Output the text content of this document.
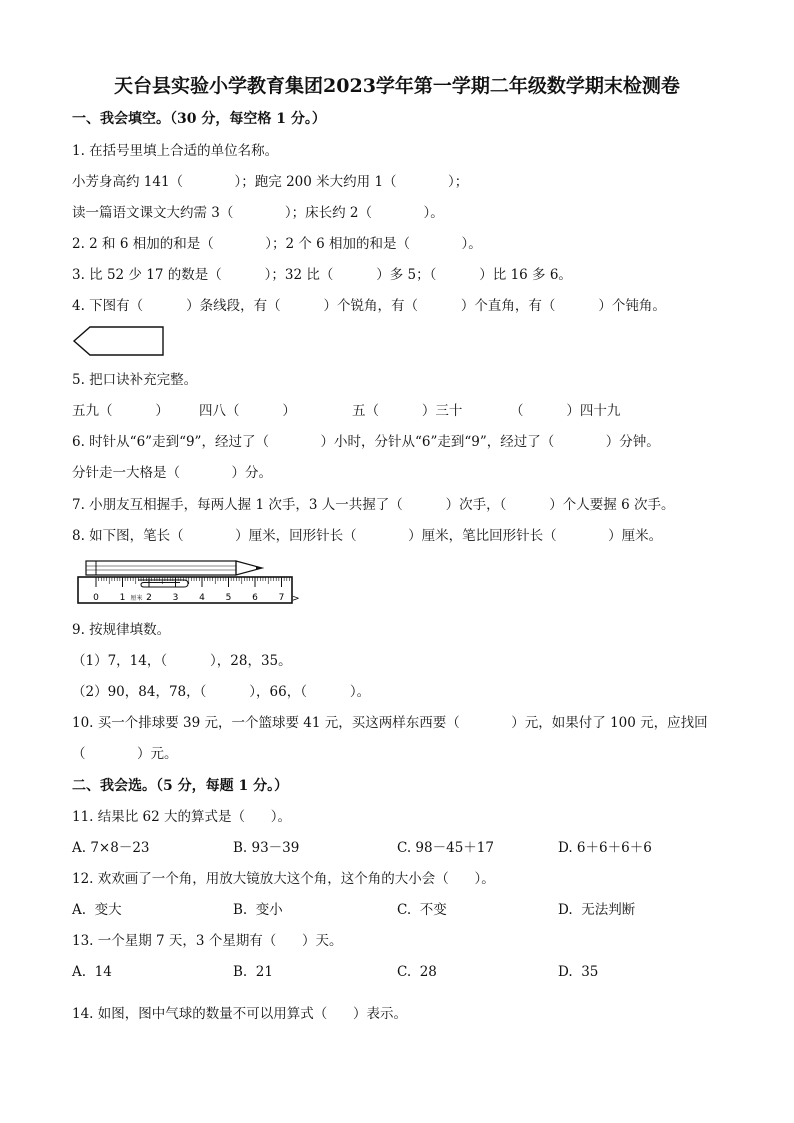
天台县实验小学教育集团2023学年第一学期二年级数学期末检测卷
一、我会填空。（30 分，每空格 1 分。）
1. 在括号里填上合适的单位名称。
小芳身高约 141（            ）；跑完 200 米大约用 1（            ）；
读一篇语文课文大约需 3（            ）；床长约 2（            ）。
2. 2 和 6 相加的和是（            ）；2 个 6 相加的和是（            ）。
3. 比 52 少 17 的数是（          ）；32 比（          ）多 5；（          ）比 16 多 6。
4. 下图有（          ）条线段，有（          ）个锐角，有（          ）个直角，有（          ）个钝角。
5. 把口诀补充完整。
五九（          ） 四八（          ）	五（          ）三十	（          ）四十九
6. 时针从“6”走到“9”，经过了（            ）小时，分针从“6”走到“9”，经过了（            ）分钟。
分针走一大格是（            ）分。
7. 小朋友互相握手，每两人握 1 次手，3 人一共握了（          ）次手，（          ）个人要握 6 次手。
8. 如下图，笔长（            ）厘米，回形针长（            ）厘米，笔比回形针长（            ）厘米。
0 1 2 3 4 5 6 7
厘米	>
9. 按规律填数。
（1）7，14，（          ），28，35。
（2）90，84，78，（          ），66，（          ）。
10. 买一个排球要 39 元，一个篮球要 41 元，买这两样东西要（            ）元，如果付了 100 元，应找回
（            ）元。
二、我会选。（5 分，每题 1 分。）
11. 结果比 62 大的算式是（      ）。
A. 7×8－23	B. 93－39	C. 98－45＋17	D. 6＋6＋6＋6
12. 欢欢画了一个角，用放大镜放大这个角，这个角的大小会（      ）。
A.  变大	B.  变小	C.  不变	D.  无法判断
13. 一个星期 7 天，3 个星期有（      ）天。
A.  14	B.  21	C.  28	D.  35
14. 如图，图中气球的数量不可以用算式（      ）表示。
